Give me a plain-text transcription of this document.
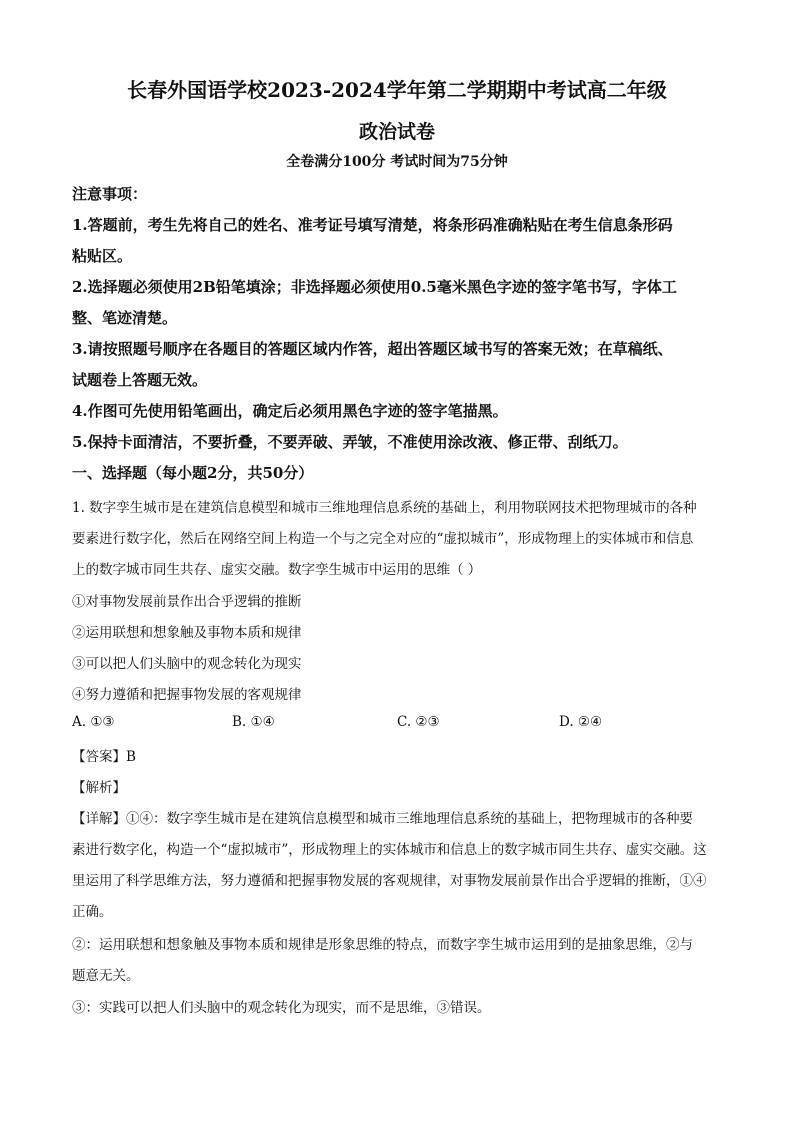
长春外国语学校2023-2024学年第二学期期中考试高二年级
政治试卷
全卷满分100分 考试时间为75分钟
注意事项：
1.答题前，考生先将自己的姓名、准考证号填写清楚，将条形码准确粘贴在考生信息条形码
粘贴区。
2.选择题必须使用2B铅笔填涂；非选择题必须使用0.5毫米黑色字迹的签字笔书写，字体工
整、笔迹清楚。
3.请按照题号顺序在各题目的答题区域内作答，超出答题区域书写的答案无效；在草稿纸、
试题卷上答题无效。
4.作图可先使用铅笔画出，确定后必须用黑色字迹的签字笔描黑。
5.保持卡面清洁，不要折叠，不要弄破、弄皱，不准使用涂改液、修正带、刮纸刀。
一、选择题（每小题2分，共50分）
1. 数字孪生城市是在建筑信息模型和城市三维地理信息系统的基础上，利用物联网技术把物理城市的各种
要素进行数字化，然后在网络空间上构造一个与之完全对应的“虚拟城市”，形成物理上的实体城市和信息
上的数字城市同生共存、虚实交融。数字孪生城市中运用的思维（ ）
①对事物发展前景作出合乎逻辑的推断
②运用联想和想象触及事物本质和规律
③可以把人们头脑中的观念转化为现实
④努力遵循和把握事物发展的客观规律
A. ①③	B. ①④	C. ②③	D. ②④
【答案】B
【解析】
【详解】①④：数字孪生城市是在建筑信息模型和城市三维地理信息系统的基础上，把物理城市的各种要
素进行数字化，构造一个“虚拟城市”，形成物理上的实体城市和信息上的数字城市同生共存、虚实交融。这
里运用了科学思维方法，努力遵循和把握事物发展的客观规律，对事物发展前景作出合乎逻辑的推断，①④
正确。
②：运用联想和想象触及事物本质和规律是形象思维的特点，而数字孪生城市运用到的是抽象思维，②与
题意无关。
③：实践可以把人们头脑中的观念转化为现实，而不是思维，③错误。
